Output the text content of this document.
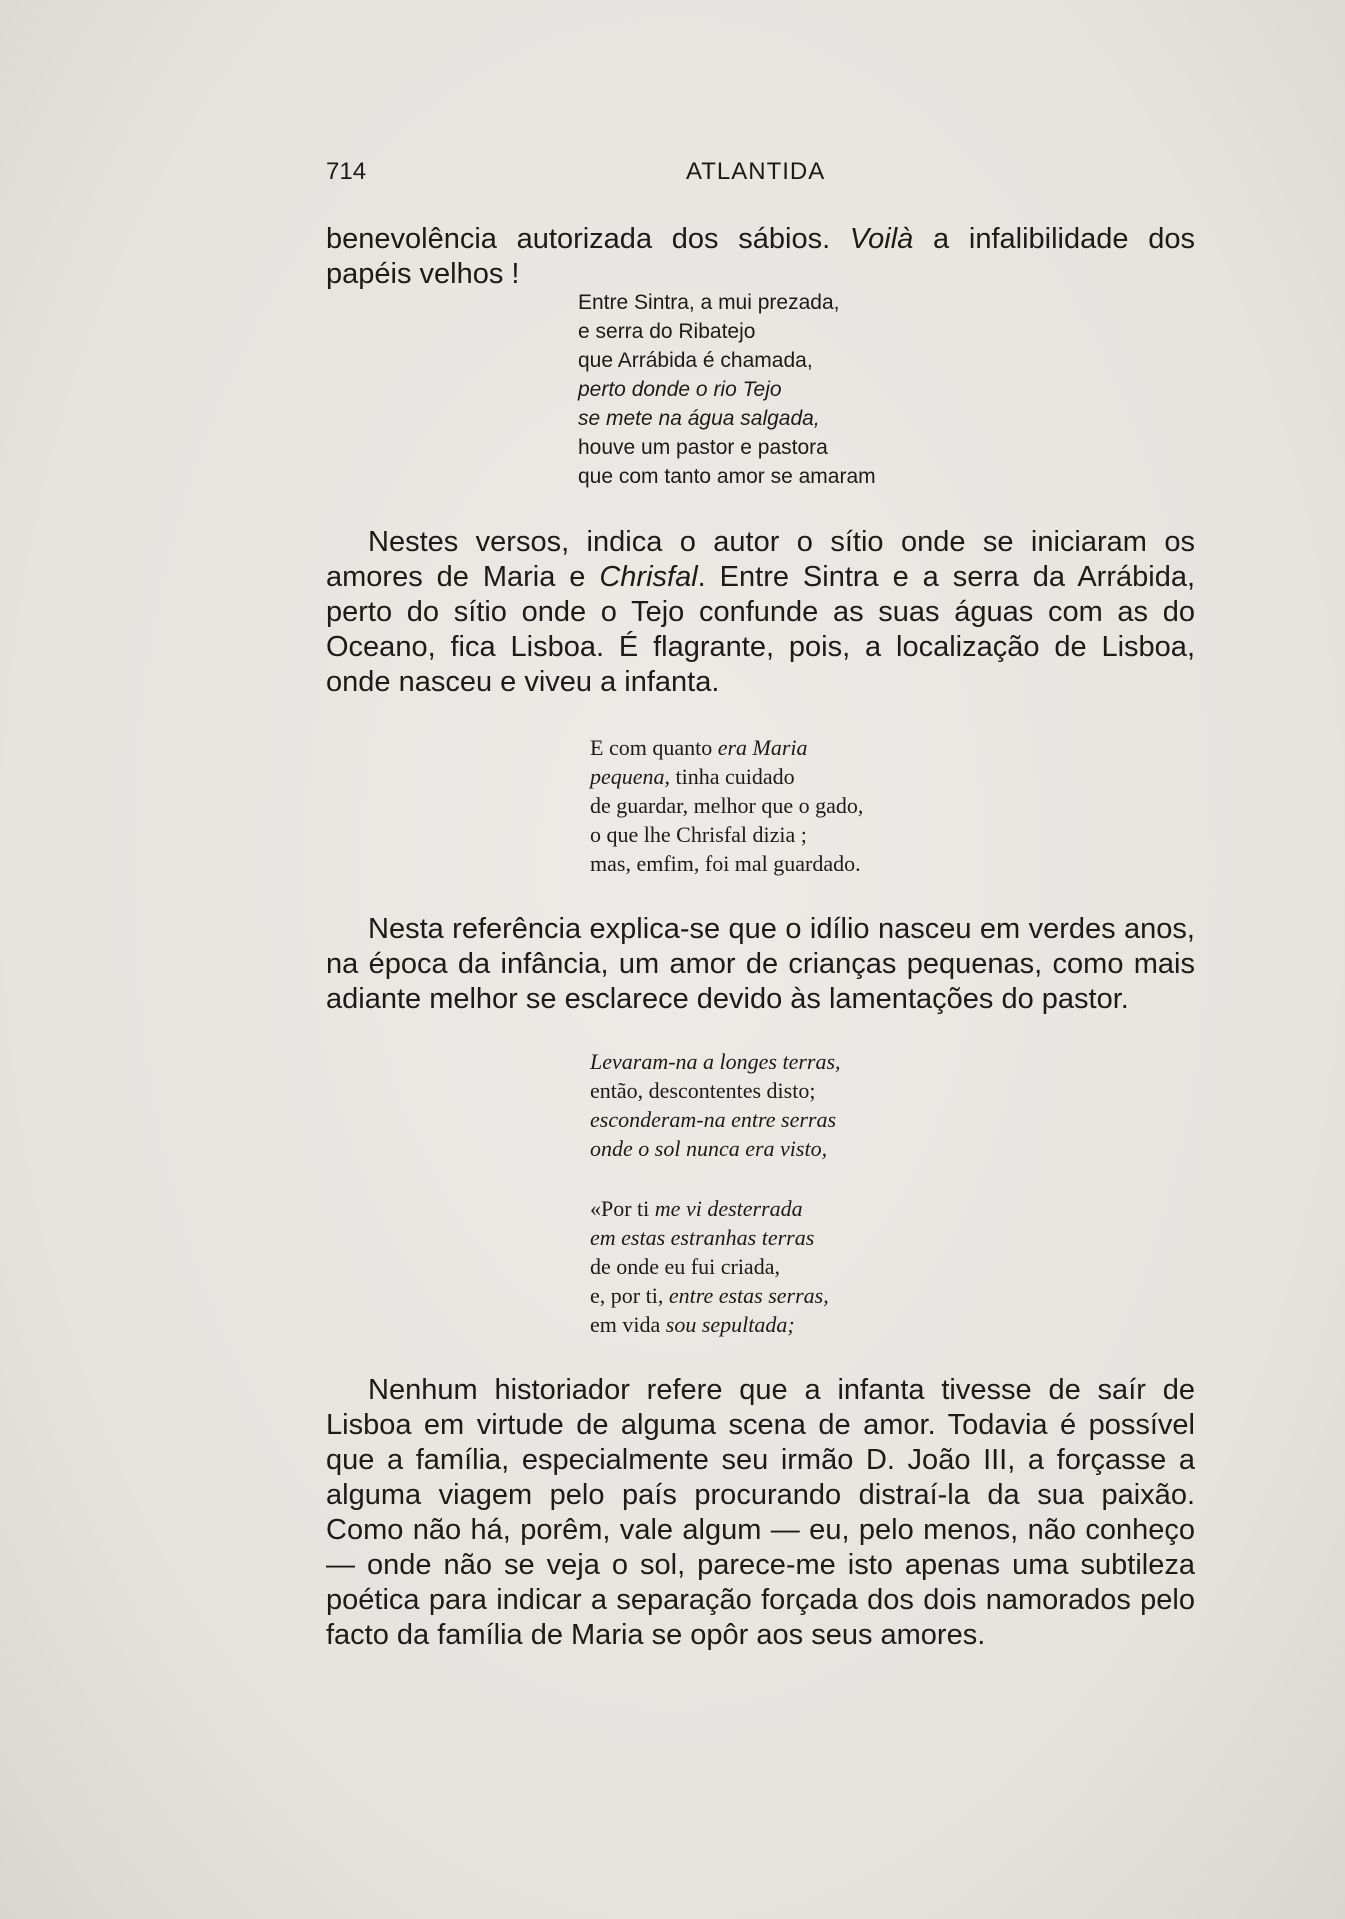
714	ATLANTIDA

benevolência autorizada dos sábios. Voilà a infalibilidade dos papéis velhos !

Entre Sintra, a mui prezada,
e serra do Ribatejo
que Arrábida é chamada,
perto donde o rio Tejo
se mete na água salgada,
houve um pastor e pastora
que com tanto amor se amaram

Nestes versos, indica o autor o sítio onde se iniciaram os amores de Maria e Chrisfal. Entre Sintra e a serra da Arrábida, perto do sítio onde o Tejo confunde as suas águas com as do Oceano, fica Lisboa. É flagrante, pois, a localização de Lisboa, onde nasceu e viveu a infanta.

E com quanto era Maria
pequena, tinha cuidado
de guardar, melhor que o gado,
o que lhe Chrisfal dizia ;
mas, emfim, foi mal guardado.

Nesta referência explica-se que o idílio nasceu em verdes anos, na época da infância, um amor de crianças pequenas, como mais adiante melhor se esclarece devido às lamentações do pastor.

Levaram-na a longes terras,
então, descontentes disto;
esconderam-na entre serras
onde o sol nunca era visto,
«Por ti me vi desterrada
em estas estranhas terras
de onde eu fui criada,
e, por ti, entre estas serras,
em vida sou sepultada;

Nenhum historiador refere que a infanta tivesse de saír de Lisboa em virtude de alguma scena de amor. Todavia é possível que a família, especialmente seu irmão D. João III, a forçasse a alguma viagem pelo país procurando distraí-la da sua paixão. Como não há, porêm, vale algum — eu, pelo menos, não conheço — onde não se veja o sol, parece-me isto apenas uma subtileza poética para indicar a separação forçada dos dois namorados pelo facto da família de Maria se opôr aos seus amores.
